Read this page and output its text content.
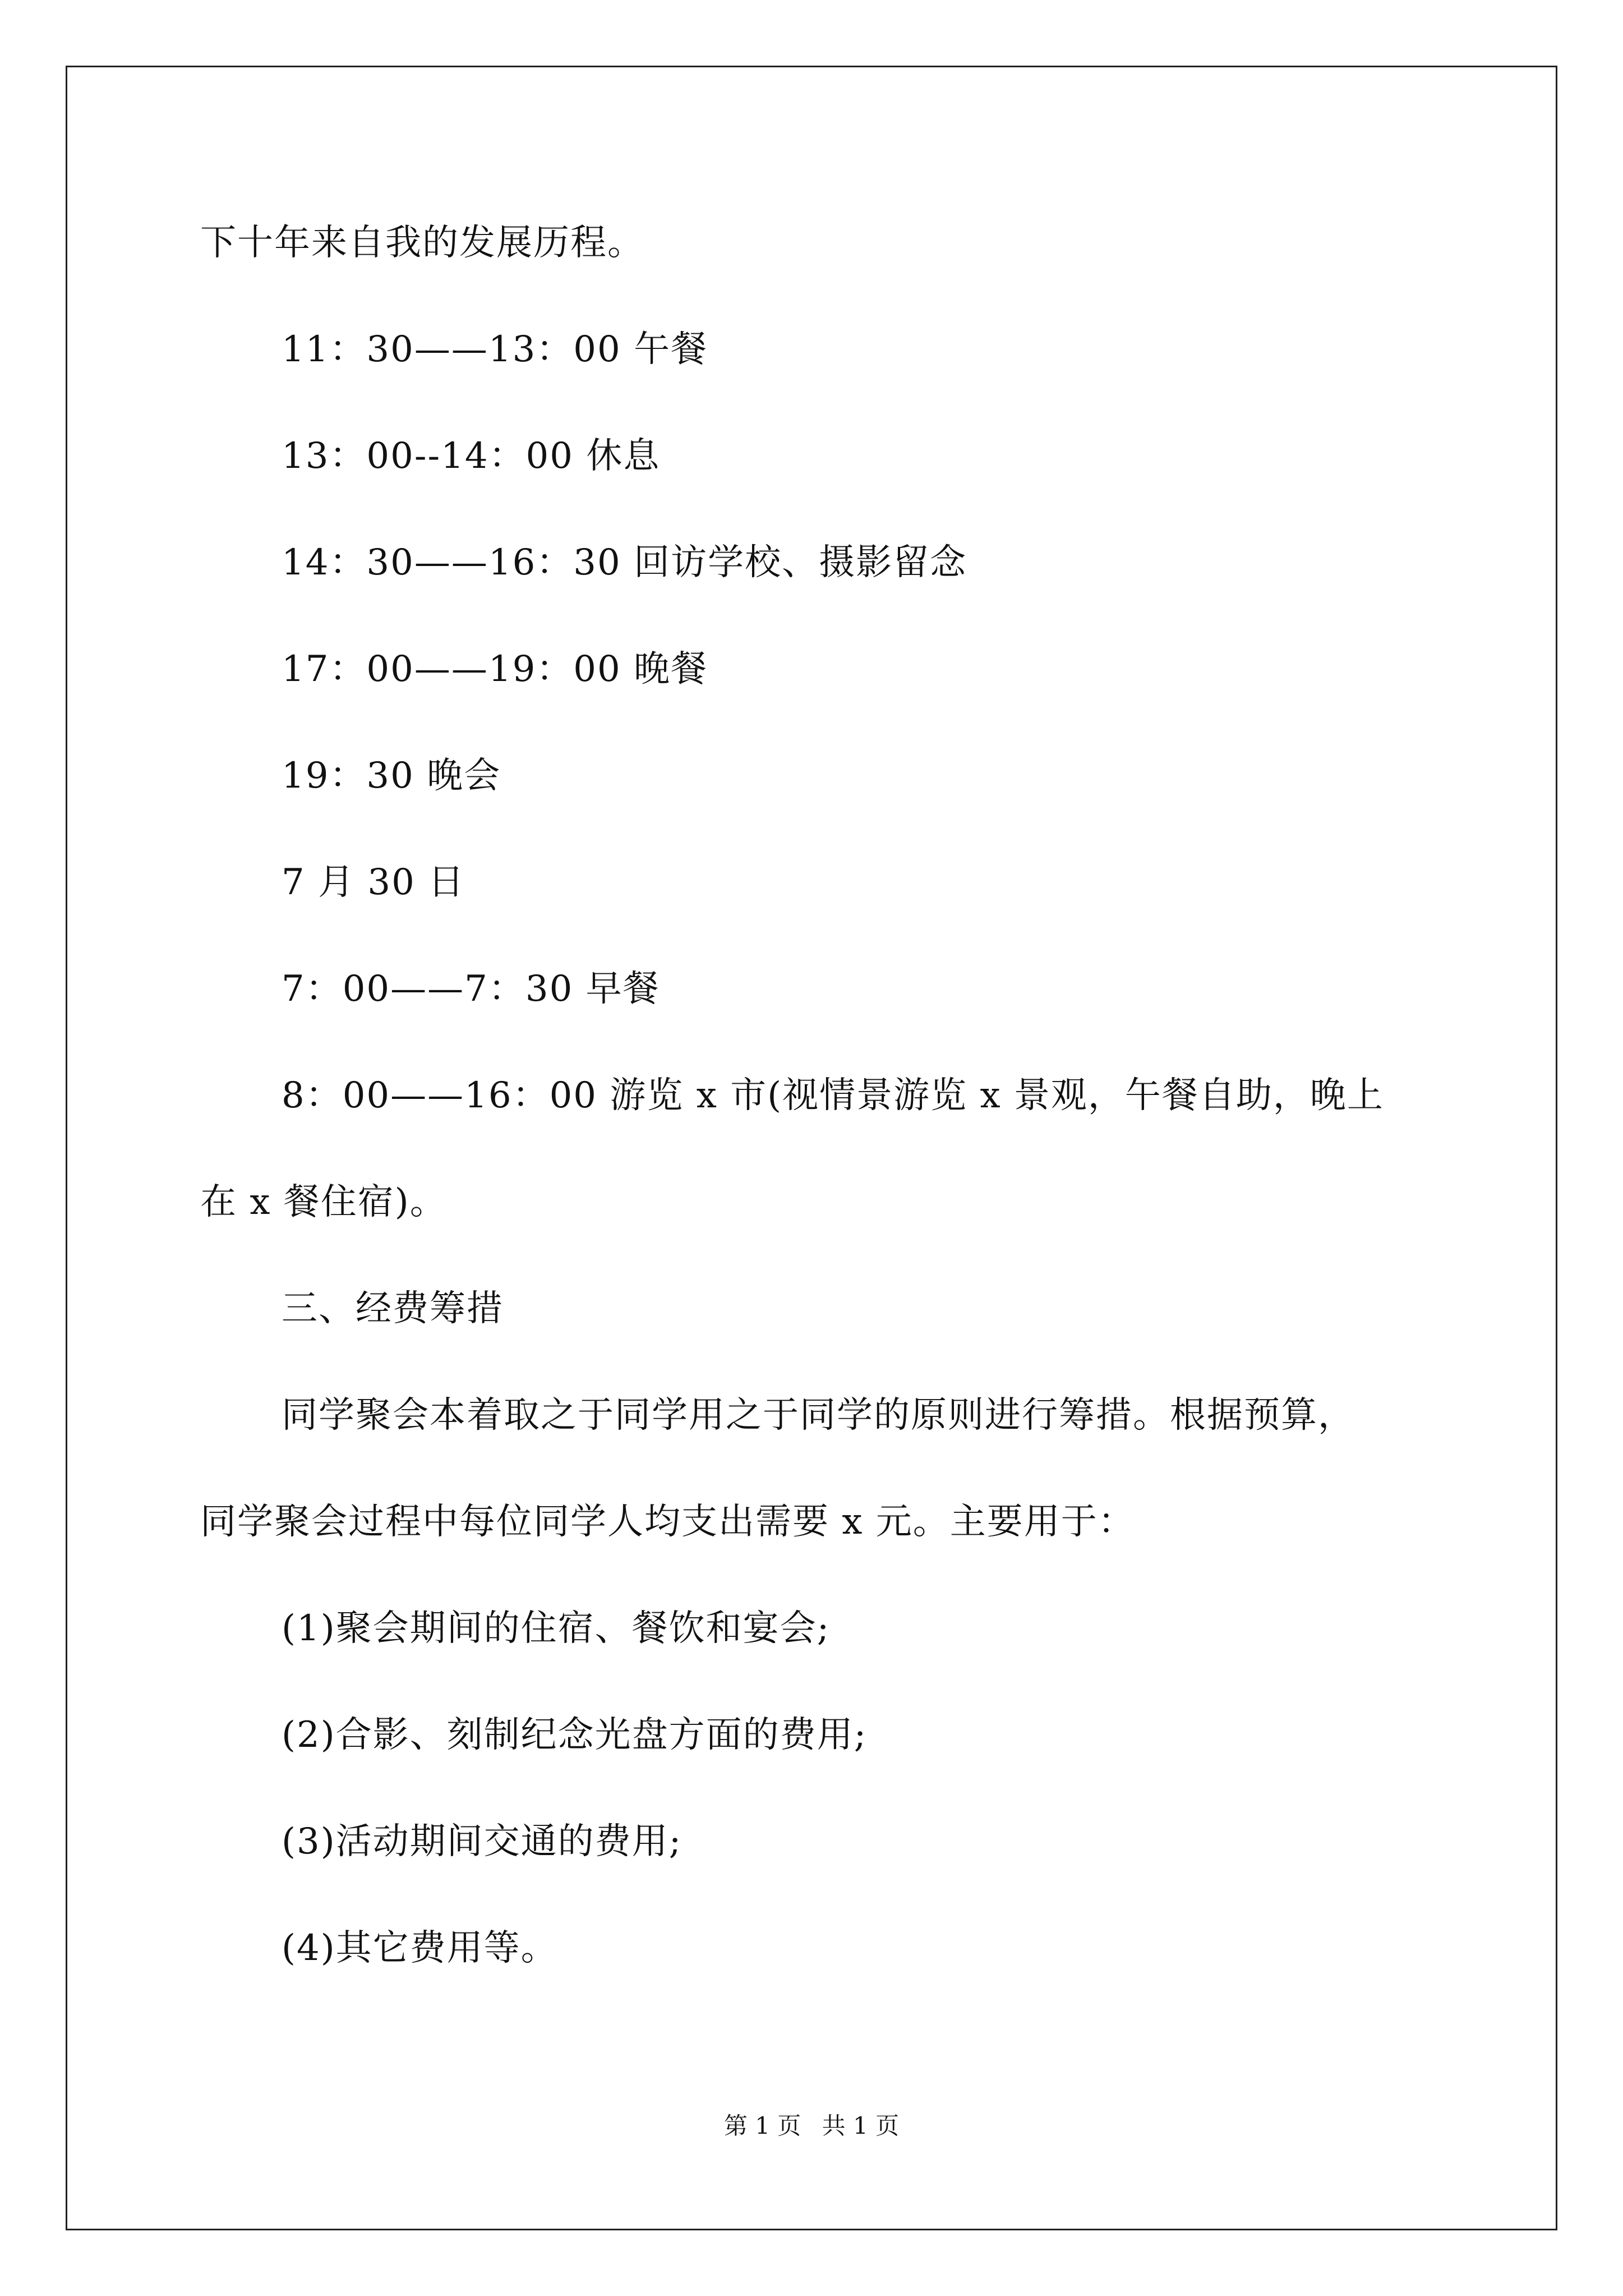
下十年来自我的发展历程。
11：30——13：00 午餐
13：00--14：00 休息
14：30——16：30 回访学校、摄影留念
17：00——19：00 晚餐
19：30 晚会
7 月 30 日
7：00——7：30 早餐
8：00——16：00 游览 x 市(视情景游览 x 景观，午餐自助，晚上
在 x 餐住宿)。
三、经费筹措
同学聚会本着取之于同学用之于同学的原则进行筹措。根据预算，
同学聚会过程中每位同学人均支出需要 x 元。主要用于：
(1)聚会期间的住宿、餐饮和宴会;
(2)合影、刻制纪念光盘方面的费用;
(3)活动期间交通的费用;
(4)其它费用等。
第 1 页 共 1 页
